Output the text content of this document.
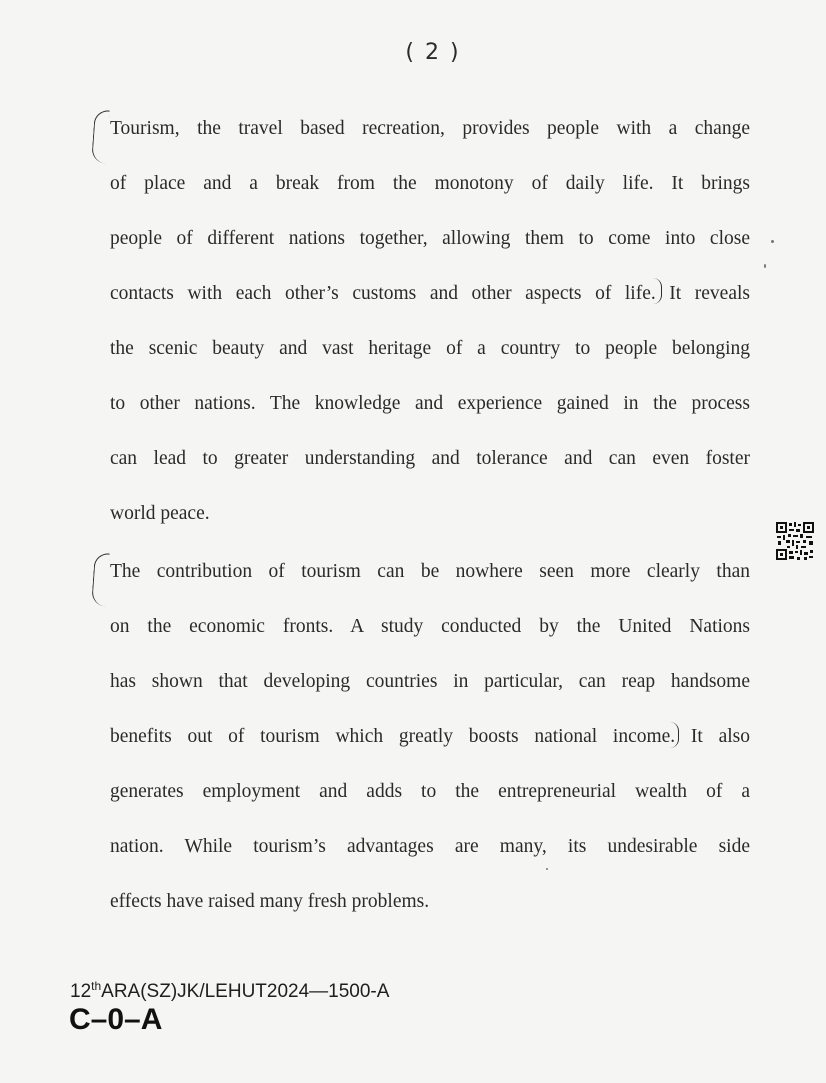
( 2 )
Tourism, the travel based recreation, provides people with a change
of place and a break from the monotony of daily life. It brings
people of different nations together, allowing them to come into close
contacts with each other’s customs and other aspects of life. It reveals
the scenic beauty and vast heritage of a country to people belonging
to other nations. The knowledge and experience gained in the process
can lead to greater understanding and tolerance and can even foster
world peace.
The contribution of tourism can be nowhere seen more clearly than
on the economic fronts. A study conducted by the United Nations
has shown that developing countries in particular, can reap handsome
benefits out of tourism which greatly boosts national income. It also
generates employment and adds to the entrepreneurial wealth of a
nation. While tourism’s advantages are many, its undesirable side
effects have raised many fresh problems.
12thARA(SZ)JK/LEHUT2024—1500-A
C–0–A
